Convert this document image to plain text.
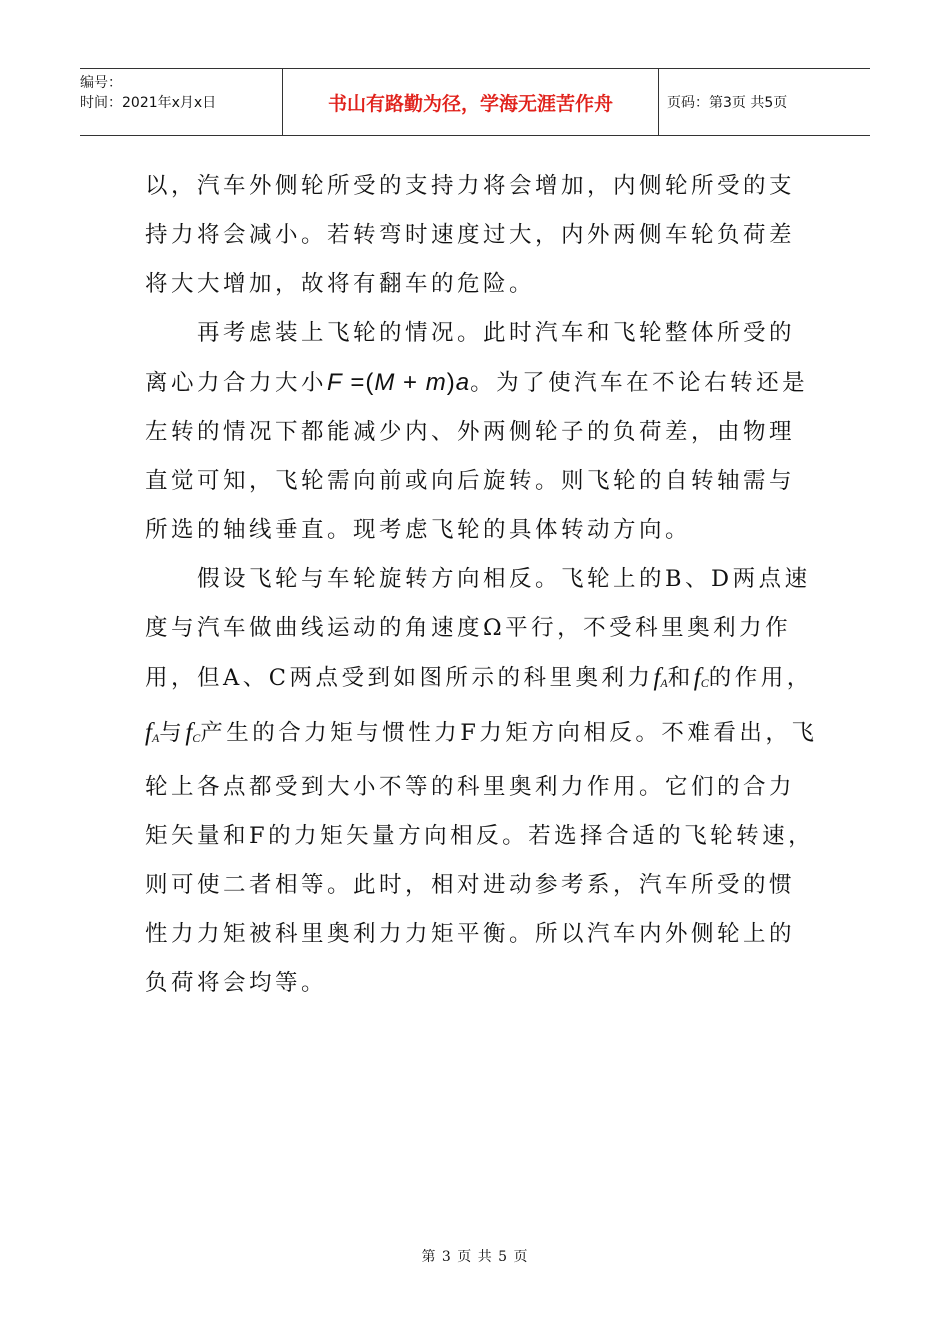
编号：
时间：2021年x月x日	书山有路勤为径，学海无涯苦作舟	页码：第3页 共5页

以，汽车外侧轮所受的支持力将会增加，内侧轮所受的支持力将会减小。若转弯时速度过大，内外两侧车轮负荷差将大大增加，故将有翻车的危险。

再考虑装上飞轮的情况。此时汽车和飞轮整体所受的离心力合力大小F =(M + m)a。为了使汽车在不论右转还是左转的情况下都能减少内、外两侧轮子的负荷差，由物理直觉可知，飞轮需向前或向后旋转。则飞轮的自转轴需与所选的轴线垂直。现考虑飞轮的具体转动方向。

假设飞轮与车轮旋转方向相反。飞轮上的B、D两点速度与汽车做曲线运动的角速度Ω平行，不受科里奥利力作用，但A、C两点受到如图所示的科里奥利力$f_A$和$f_C$的作用，$f_A$与$f_C$产生的合力矩与惯性力F力矩方向相反。不难看出，飞轮上各点都受到大小不等的科里奥利力作用。它们的合力矩矢量和F的力矩矢量方向相反。若选择合适的飞轮转速，则可使二者相等。此时，相对进动参考系，汽车所受的惯性力力矩被科里奥利力力矩平衡。所以汽车内外侧轮上的负荷将会均等。

第 3 页 共 5 页
